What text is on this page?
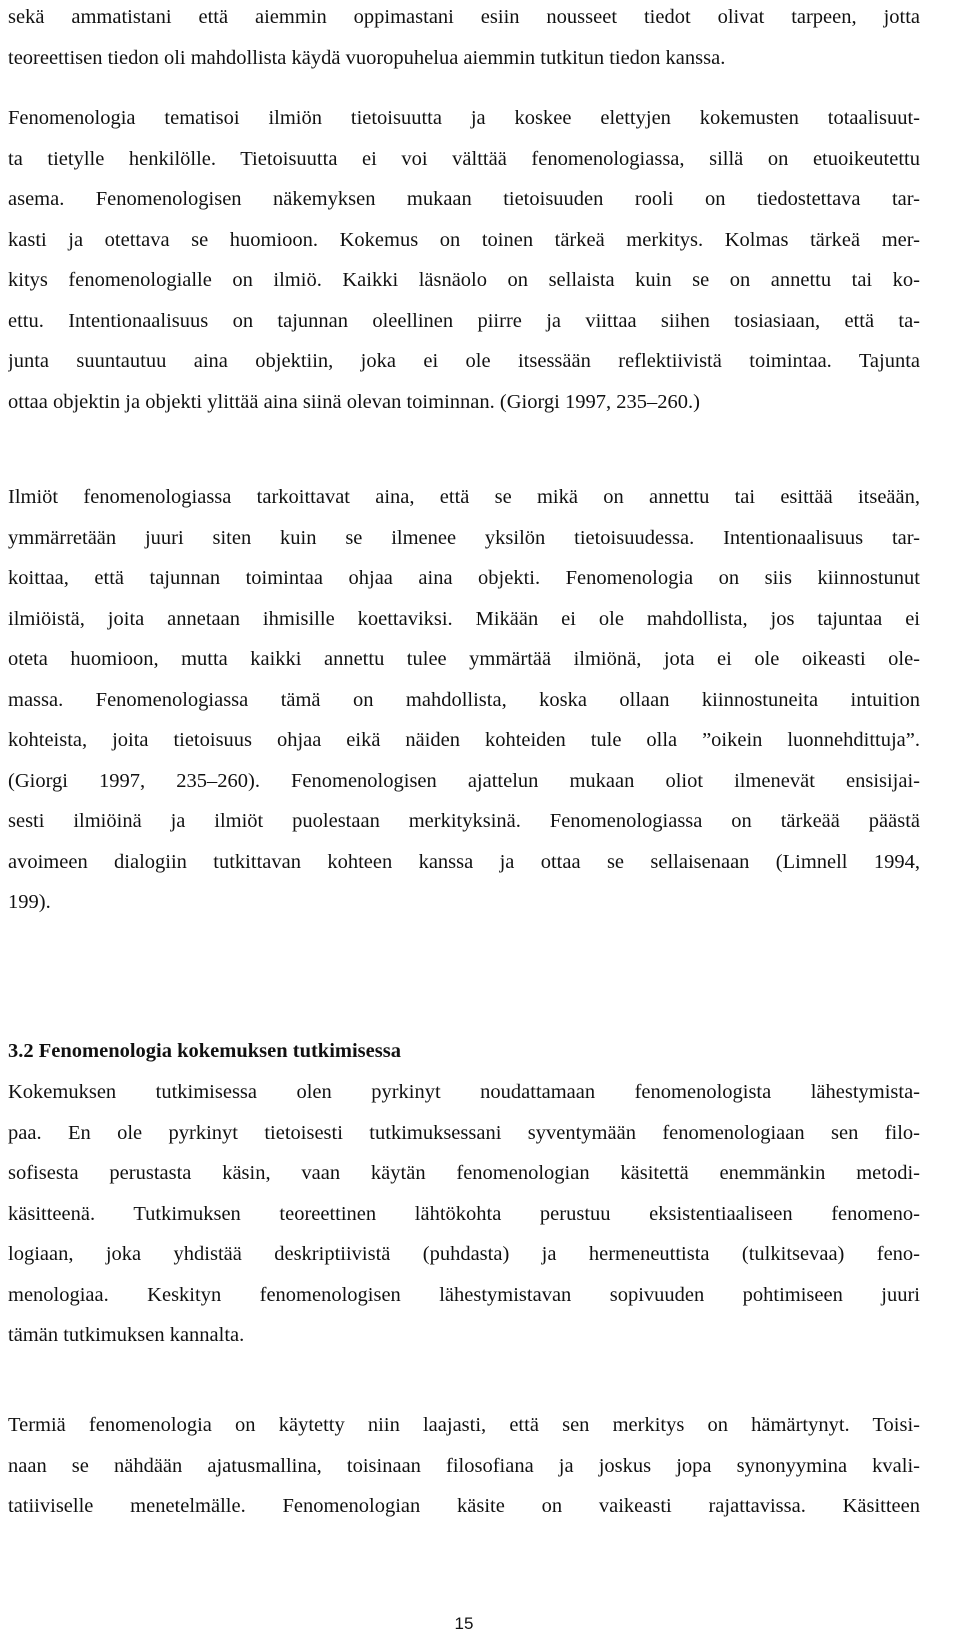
sekä ammatistani että aiemmin oppimastani esiin nousseet tiedot olivat tarpeen, jotta
teoreettisen tiedon oli mahdollista käydä vuoropuhelua aiemmin tutkitun tiedon kanssa.
Fenomenologia tematisoi ilmiön tietoisuutta ja koskee elettyjen kokemusten totaalisuut-
ta tietylle henkilölle. Tietoisuutta ei voi välttää fenomenologiassa, sillä on etuoikeutettu
asema. Fenomenologisen näkemyksen mukaan tietoisuuden rooli on tiedostettava tar-
kasti ja otettava se huomioon. Kokemus on toinen tärkeä merkitys. Kolmas tärkeä mer-
kitys fenomenologialle on ilmiö. Kaikki läsnäolo on sellaista kuin se on annettu tai ko-
ettu. Intentionaalisuus on tajunnan oleellinen piirre ja viittaa siihen tosiasiaan, että ta-
junta suuntautuu aina objektiin, joka ei ole itsessään reflektiivistä toimintaa. Tajunta
ottaa objektin ja objekti ylittää aina siinä olevan toiminnan. (Giorgi 1997, 235–260.)
Ilmiöt fenomenologiassa tarkoittavat aina, että se mikä on annettu tai esittää itseään,
ymmärretään juuri siten kuin se ilmenee yksilön tietoisuudessa. Intentionaalisuus tar-
koittaa, että tajunnan toimintaa ohjaa aina objekti. Fenomenologia on siis kiinnostunut
ilmiöistä, joita annetaan ihmisille koettaviksi. Mikään ei ole mahdollista, jos tajuntaa ei
oteta huomioon, mutta kaikki annettu tulee ymmärtää ilmiönä, jota ei ole oikeasti ole-
massa. Fenomenologiassa tämä on mahdollista, koska ollaan kiinnostuneita intuition
kohteista, joita tietoisuus ohjaa eikä näiden kohteiden tule olla ”oikein luonnehdittuja”.
(Giorgi 1997, 235–260). Fenomenologisen ajattelun mukaan oliot ilmenevät ensisijai-
sesti ilmiöinä ja ilmiöt puolestaan merkityksinä. Fenomenologiassa on tärkeää päästä
avoimeen dialogiin tutkittavan kohteen kanssa ja ottaa se sellaisenaan (Limnell 1994,
199).
3.2 Fenomenologia kokemuksen tutkimisessa
Kokemuksen tutkimisessa olen pyrkinyt noudattamaan fenomenologista lähestymista-
paa. En ole pyrkinyt tietoisesti tutkimuksessani syventymään fenomenologiaan sen filo-
sofisesta perustasta käsin, vaan käytän fenomenologian käsitettä enemmänkin metodi-
käsitteenä. Tutkimuksen teoreettinen lähtökohta perustuu eksistentiaaliseen fenomeno-
logiaan, joka yhdistää deskriptiivistä (puhdasta) ja hermeneuttista (tulkitsevaa) feno-
menologiaa. Keskityn fenomenologisen lähestymistavan sopivuuden pohtimiseen juuri
tämän tutkimuksen kannalta.
Termiä fenomenologia on käytetty niin laajasti, että sen merkitys on hämärtynyt. Toisi-
naan se nähdään ajatusmallina, toisinaan filosofiana ja joskus jopa synonyymina kvali-
tatiiviselle menetelmälle. Fenomenologian käsite on vaikeasti rajattavissa. Käsitteen
15
